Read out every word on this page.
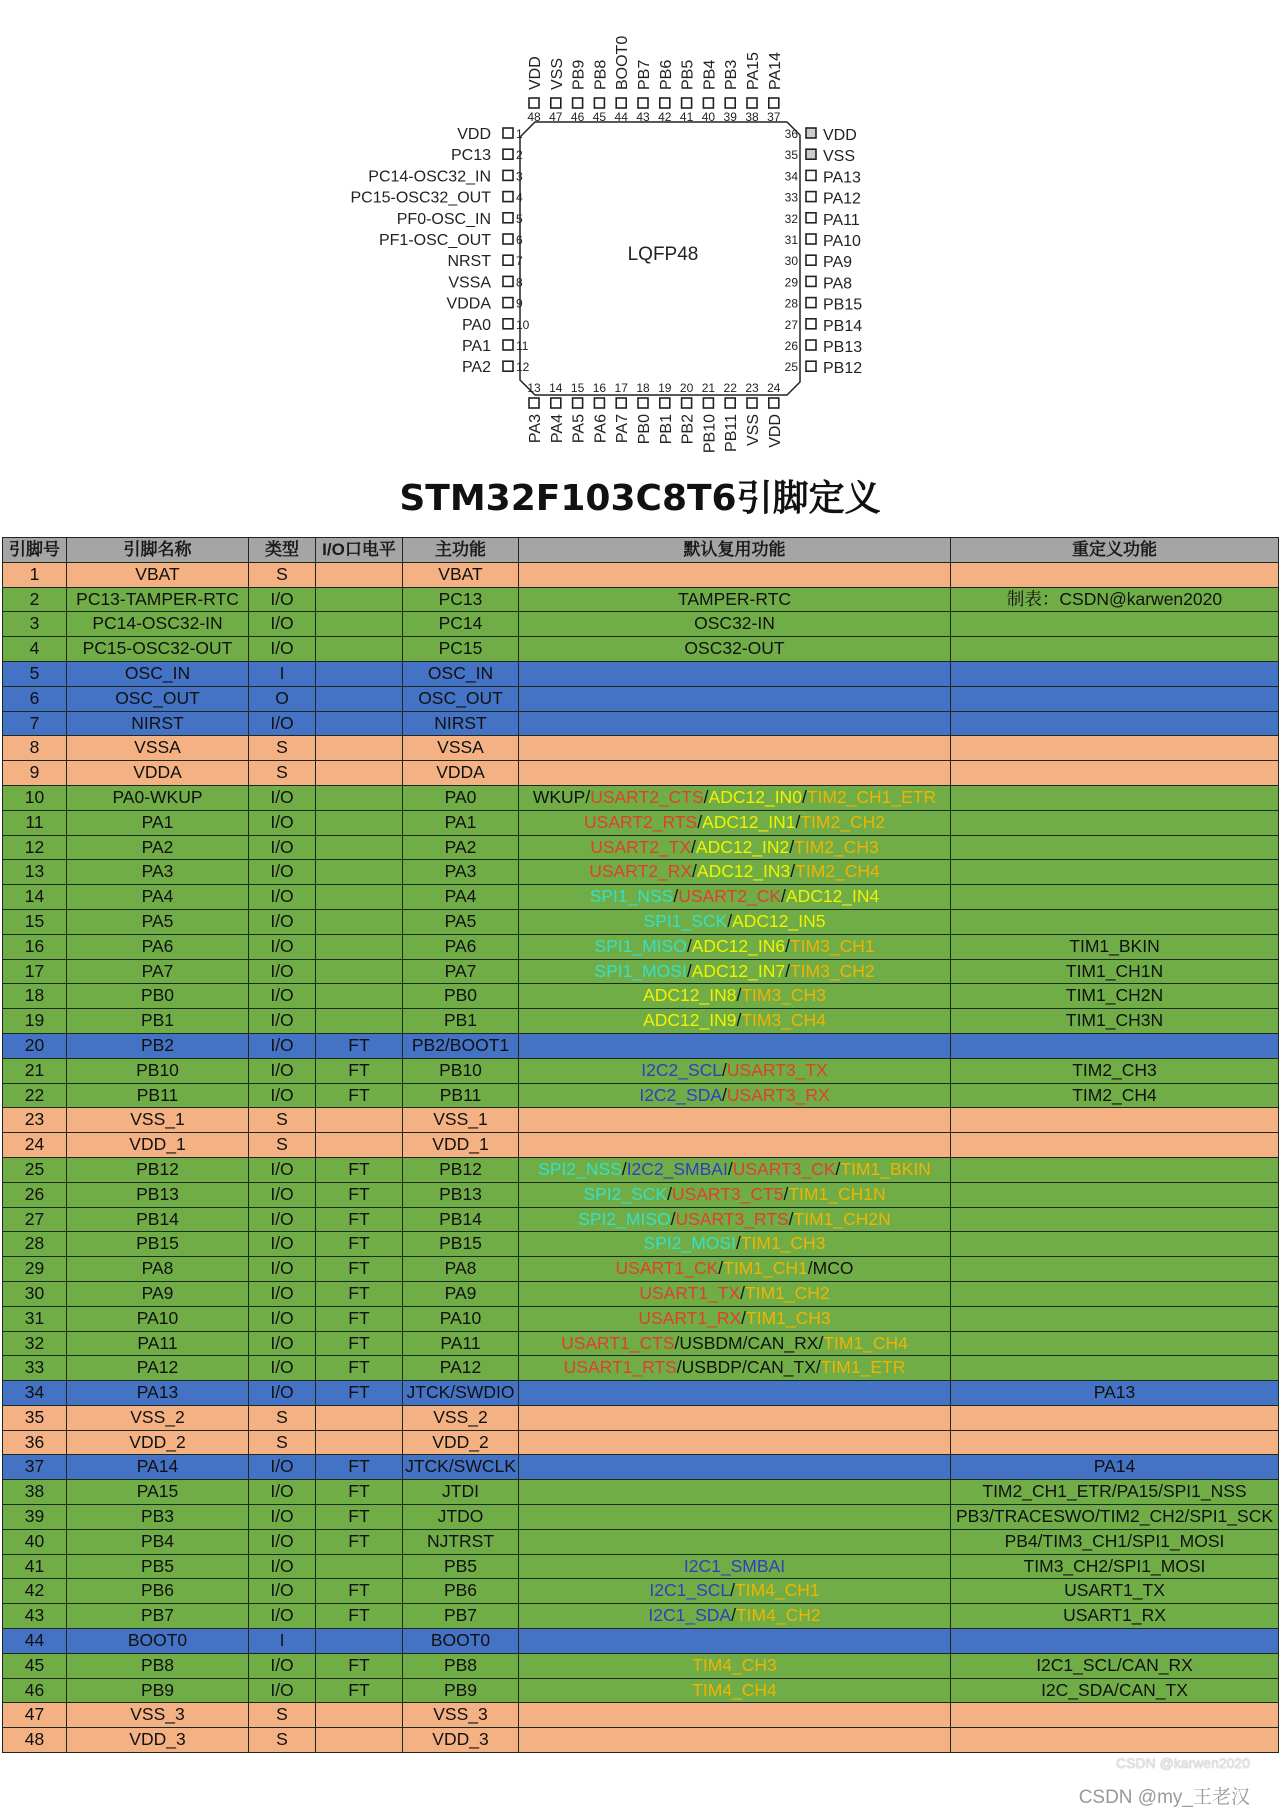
LQFP48
1
VDD
2
PC13
3
PC14-OSC32_IN
4
PC15-OSC32_OUT
5
PF0-OSC_IN
6
PF1-OSC_OUT
7
NRST
8
VSSA
9
VDDA
10
PA0
11
PA1
12
PA2
36 VDD
35 VSS
34 PA13
33 PA12
32 PA11
31 PA10
30 PA9
29 PA8
28 PB15
27 PB14
26 PB13
25 PB12
48
VDD
47
VSS
46
PB9
45
PB8
44
BOOT0
43
PB7
42
PB6
41
PB5
40
PB4
39
PB3
38
PA15
37
PA14
13
PA3
14
PA4
15
PA5
16
PA6
17
PA7
18
PB0
19
PB1
20
PB2
21
PB10
22
PB11
23
VSS
24
VDD
STM32F103C8T6引脚定义
引脚号	引脚名称	类型	I/O口电平	主功能	默认复用功能	重定义功能
1	VBAT	S		VBAT		
2	PC13-TAMPER-RTC	I/O		PC13	TAMPER-RTC	制表：CSDN@karwen2020
3	PC14-OSC32-IN	I/O		PC14	OSC32-IN	
4	PC15-OSC32-OUT	I/O		PC15	OSC32-OUT	
5	OSC_IN	I		OSC_IN		
6	OSC_OUT	O		OSC_OUT		
7	NIRST	I/O		NIRST		
8	VSSA	S		VSSA		
9	VDDA	S		VDDA		
10	PA0-WKUP	I/O		PA0	WKUP/USART2_CTS/ADC12_IN0/TIM2_CH1_ETR	
11	PA1	I/O		PA1	USART2_RTS/ADC12_IN1/TIM2_CH2	
12	PA2	I/O		PA2	USART2_TX/ADC12_IN2/TIM2_CH3	
13	PA3	I/O		PA3	USART2_RX/ADC12_IN3/TIM2_CH4	
14	PA4	I/O		PA4	SPI1_NSS/USART2_CK/ADC12_IN4	
15	PA5	I/O		PA5	SPI1_SCK/ADC12_IN5	
16	PA6	I/O		PA6	SPI1_MISO/ADC12_IN6/TIM3_CH1	TIM1_BKIN
17	PA7	I/O		PA7	SPI1_MOSI/ADC12_IN7/TIM3_CH2	TIM1_CH1N
18	PB0	I/O		PB0	ADC12_IN8/TIM3_CH3	TIM1_CH2N
19	PB1	I/O		PB1	ADC12_IN9/TIM3_CH4	TIM1_CH3N
20	PB2	I/O	FT	PB2/BOOT1		
21	PB10	I/O	FT	PB10	I2C2_SCL/USART3_TX	TIM2_CH3
22	PB11	I/O	FT	PB11	I2C2_SDA/USART3_RX	TIM2_CH4
23	VSS_1	S		VSS_1		
24	VDD_1	S		VDD_1		
25	PB12	I/O	FT	PB12	SPI2_NSS/I2C2_SMBAI/USART3_CK/TIM1_BKIN	
26	PB13	I/O	FT	PB13	SPI2_SCK/USART3_CT5/TIM1_CH1N	
27	PB14	I/O	FT	PB14	SPI2_MISO/USART3_RTS/TIM1_CH2N	
28	PB15	I/O	FT	PB15	SPI2_MOSI/TIM1_CH3	
29	PA8	I/O	FT	PA8	USART1_CK/TIM1_CH1/MCO	
30	PA9	I/O	FT	PA9	USART1_TX/TIM1_CH2	
31	PA10	I/O	FT	PA10	USART1_RX/TIM1_CH3	
32	PA11	I/O	FT	PA11	USART1_CTS/USBDM/CAN_RX/TIM1_CH4	
33	PA12	I/O	FT	PA12	USART1_RTS/USBDP/CAN_TX/TIM1_ETR	
34	PA13	I/O	FT	JTCK/SWDIO		PA13
35	VSS_2	S		VSS_2		
36	VDD_2	S		VDD_2		
37	PA14	I/O	FT	JTCK/SWCLK		PA14
38	PA15	I/O	FT	JTDI		TIM2_CH1_ETR/PA15/SPI1_NSS
39	PB3	I/O	FT	JTDO		PB3/TRACESWO/TIM2_CH2/SPI1_SCK
40	PB4	I/O	FT	NJTRST		PB4/TIM3_CH1/SPI1_MOSI
41	PB5	I/O		PB5	I2C1_SMBAI	TIM3_CH2/SPI1_MOSI
42	PB6	I/O	FT	PB6	I2C1_SCL/TIM4_CH1	USART1_TX
43	PB7	I/O	FT	PB7	I2C1_SDA/TIM4_CH2	USART1_RX
44	BOOT0	I		BOOT0		
45	PB8	I/O	FT	PB8	TIM4_CH3	I2C1_SCL/CAN_RX
46	PB9	I/O	FT	PB9	TIM4_CH4	I2C_SDA/CAN_TX
47	VSS_3	S		VSS_3		
48	VDD_3	S		VDD_3		
CSDN @karwen2020
CSDN @my_王老汉
